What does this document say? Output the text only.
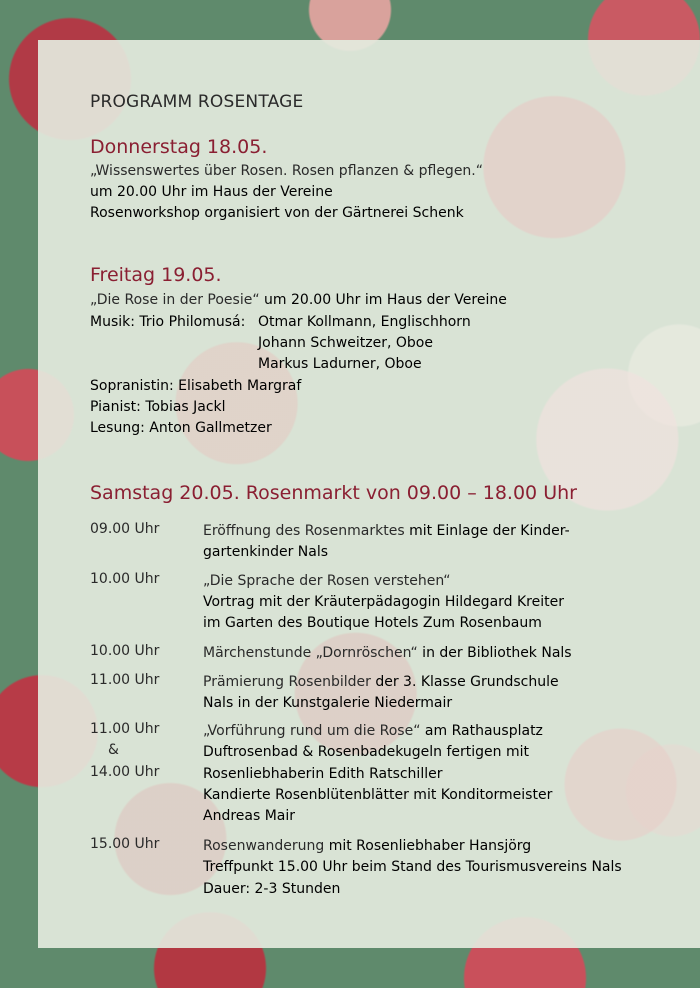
PROGRAMM ROSENTAGE
Donnerstag 18.05.
„Wissenswertes über Rosen. Rosen pflanzen & pflegen.“
um 20.00 Uhr im Haus der Vereine
Rosenworkshop organisiert von der Gärtnerei Schenk
Freitag 19.05.
„Die Rose in der Poesie“ um 20.00 Uhr im Haus der Vereine
Musik: Trio Philomusá: Otmar Kollmann, Englischhorn
Johann Schweitzer, Oboe
Markus Ladurner, Oboe
Sopranistin: Elisabeth Margraf
Pianist: Tobias Jackl
Lesung: Anton Gallmetzer
Samstag 20.05. Rosenmarkt von 09.00 – 18.00 Uhr
09.00 Uhr	Eröffnung des Rosenmarktes mit Einlage der Kinder-
gartenkinder Nals
10.00 Uhr	„Die Sprache der Rosen verstehen“
Vortrag mit der Kräuterpädagogin Hildegard Kreiter
im Garten des Boutique Hotels Zum Rosenbaum
10.00 Uhr	Märchenstunde „Dornröschen“ in der Bibliothek Nals
11.00 Uhr	Prämierung Rosenbilder der 3. Klasse Grundschule
Nals in der Kunstgalerie Niedermair
11.00 Uhr
&
14.00 Uhr
„Vorführung rund um die Rose“ am Rathausplatz
Duftrosenbad & Rosenbadekugeln fertigen mit
Rosenliebhaberin Edith Ratschiller
Kandierte Rosenblütenblätter mit Konditormeister
Andreas Mair
15.00 Uhr	Rosenwanderung mit Rosenliebhaber Hansjörg
Treffpunkt 15.00 Uhr beim Stand des Tourismusvereins Nals
Dauer: 2-3 Stunden
